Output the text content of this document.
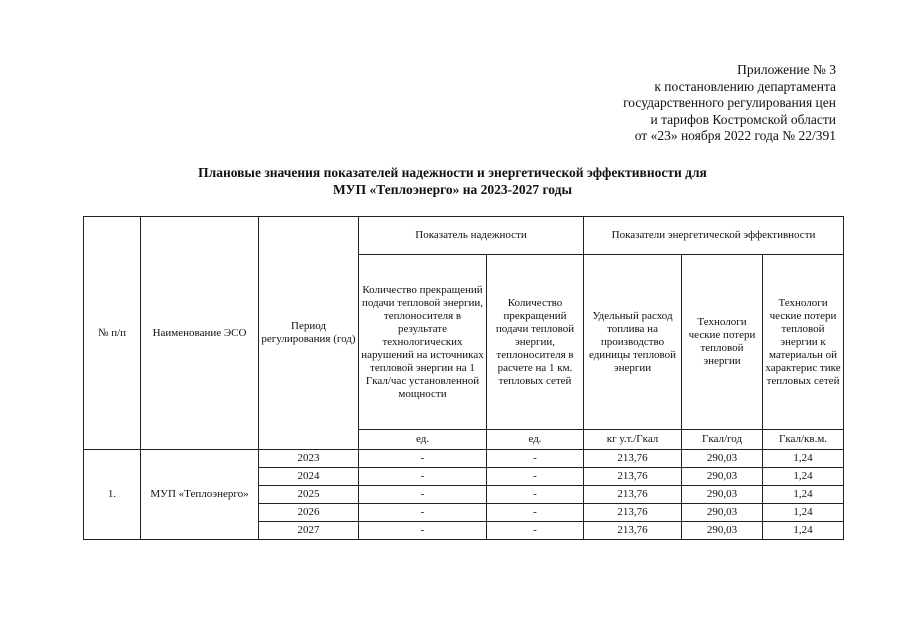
Приложение № 3
к постановлению департамента
государственного регулирования цен
и тарифов Костромской области
от «23» ноября 2022 года № 22/391
Плановые значения показателей надежности и энергетической эффективности для
МУП «Теплоэнерго» на 2023-2027 годы
№ п/п	Наименование ЭСО	Период регулирования (год)	Показатель надежности		Показатели энергетической эффективности		
			Количество прекращений подачи тепловой энергии, теплоносителя в результате технологических нарушений на источниках тепловой энергии на 1 Гкал/час установленной мощности	Количество прекращений подачи тепловой энергии, теплоносителя в расчете на 1 км. тепловых сетей	Удельный расход топлива на производство единицы тепловой энергии	Технологи ческие потери тепловой энергии	Технологи ческие потери тепловой энергии к материальн ой характерис тике тепловых сетей
			ед.	ед.	кг у.т./Гкал	Гкал/год	Гкал/кв.м.
1.	МУП «Теплоэнерго»	2023	-	-	213,76	290,03	1,24
		2024	-	-	213,76	290,03	1,24
		2025	-	-	213,76	290,03	1,24
		2026	-	-	213,76	290,03	1,24
		2027	-	-	213,76	290,03	1,24
